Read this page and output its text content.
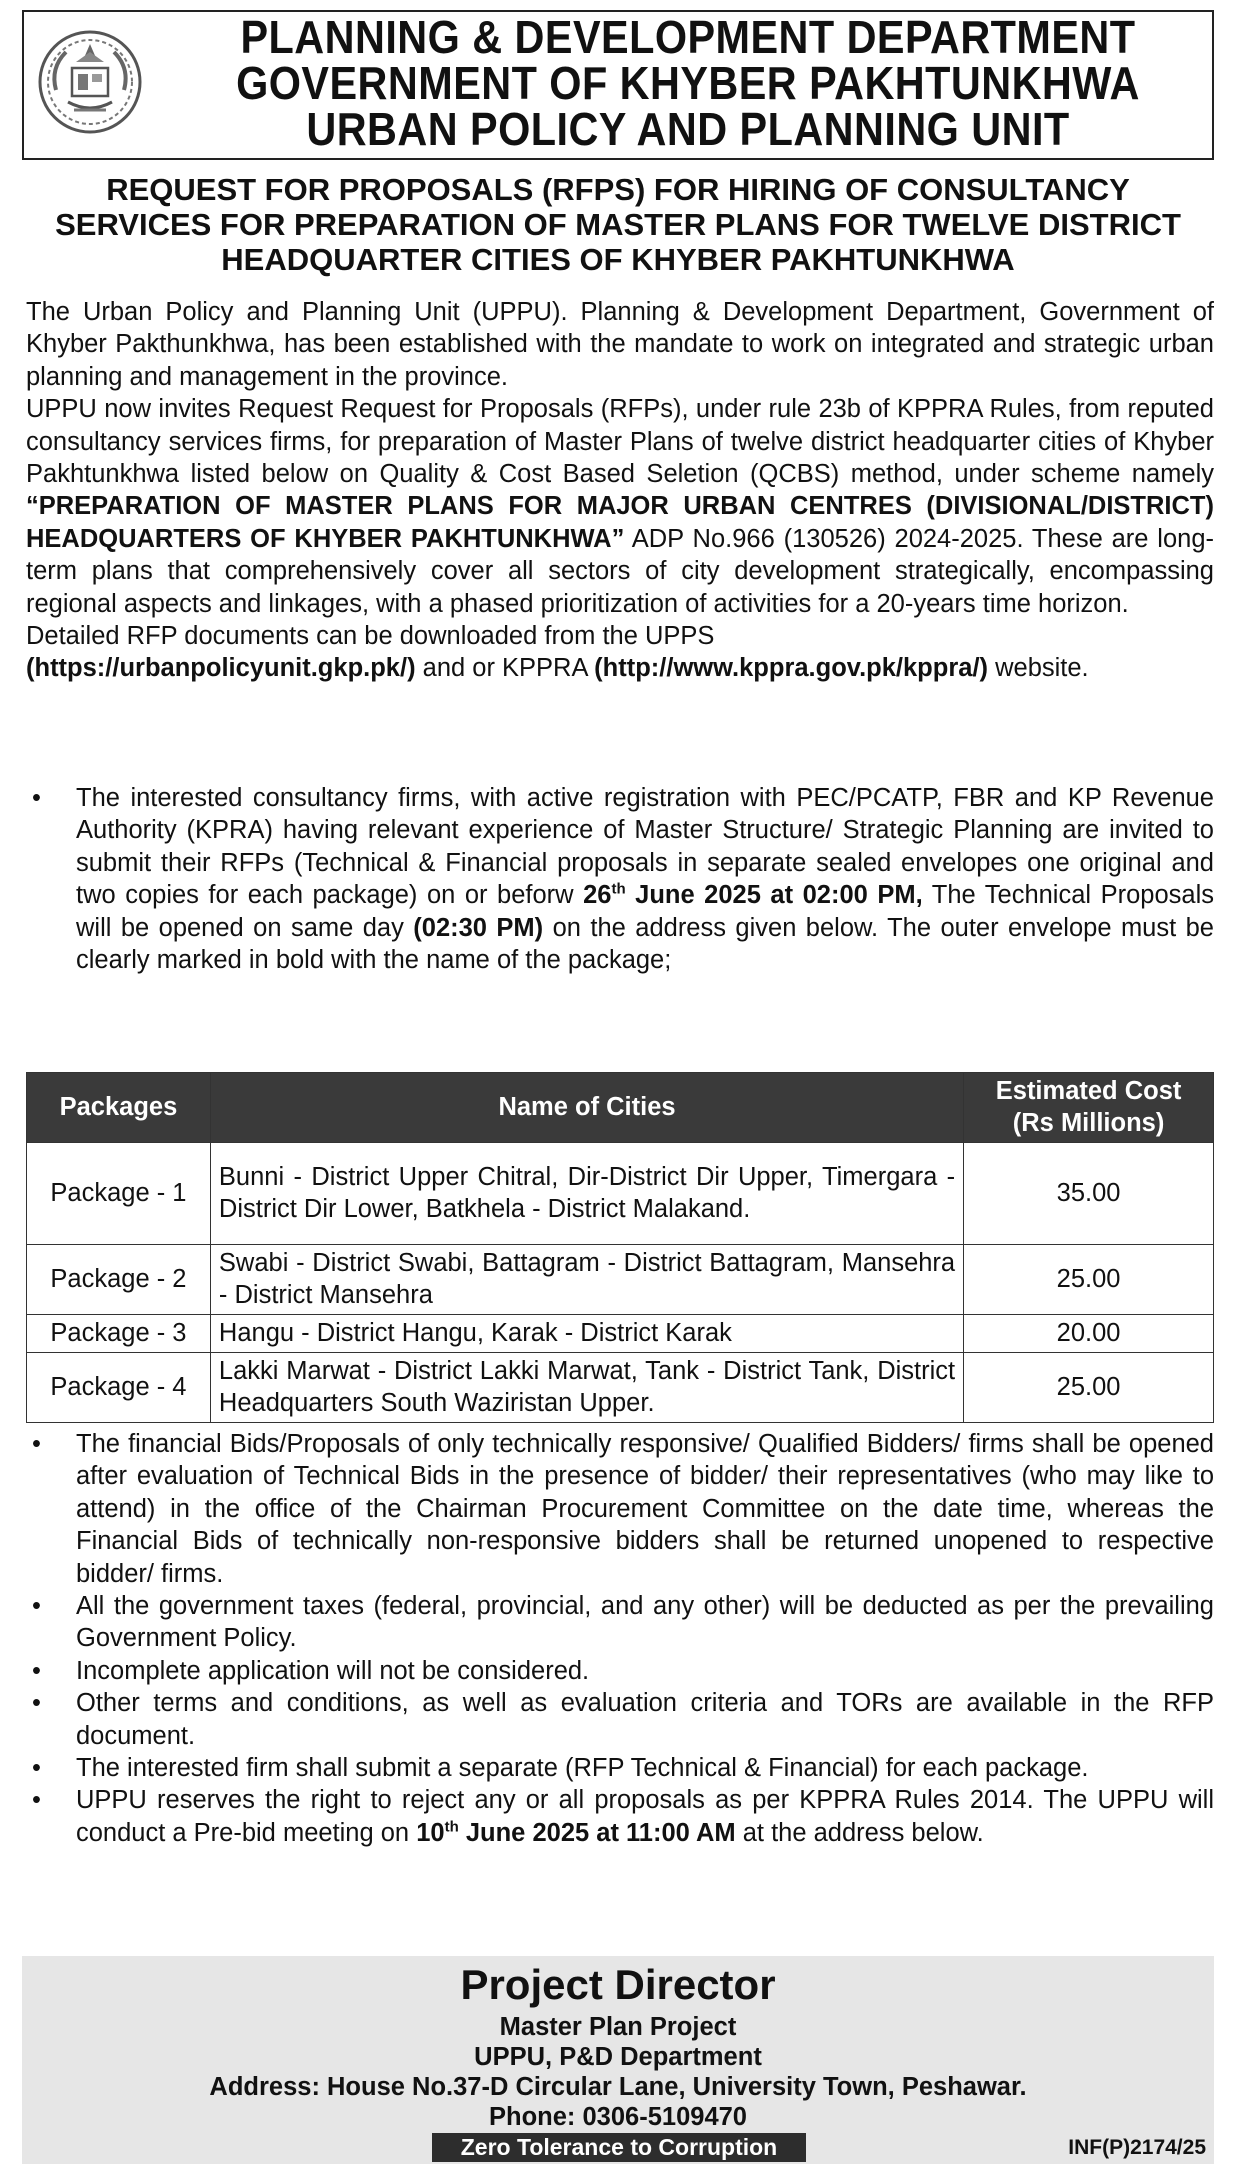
PLANNING & DEVELOPMENT DEPARTMENT
GOVERNMENT OF KHYBER PAKHTUNKHWA
URBAN POLICY AND PLANNING UNIT
REQUEST FOR PROPOSALS (RFPS) FOR HIRING OF CONSULTANCY
SERVICES FOR PREPARATION OF MASTER PLANS FOR TWELVE DISTRICT
HEADQUARTER CITIES OF KHYBER PAKHTUNKHWA

The Urban Policy and Planning Unit (UPPU). Planning & Development Department, Government of Khyber Pakthunkhwa, has been established with the mandate to work on integrated and strategic urban planning and management in the province.

UPPU now invites Request Request for Proposals (RFPs), under rule 23b of KPPRA Rules, from reputed consultancy services firms, for preparation of Master Plans of twelve district headquarter cities of Khyber Pakhtunkhwa listed below on Quality & Cost Based Seletion (QCBS) method, under scheme namely “PREPARATION OF MASTER PLANS FOR MAJOR URBAN CENTRES (DIVISIONAL/DISTRICT) HEADQUARTERS OF KHYBER PAKHTUNKHWA” ADP No.966 (130526) 2024-2025. These are long-term plans that comprehensively cover all sectors of city development strategically, encompassing regional aspects and linkages, with a phased prioritization of activities for a 20-years time horizon.

Detailed RFP documents can be downloaded from the UPPS
(https://urbanpolicyunit.gkp.pk/) and or KPPRA (http://www.kppra.gov.pk/kppra/) website.

• The interested consultancy firms, with active registration with PEC/PCATP, FBR and KP Revenue Authority (KPRA) having relevant experience of Master Structure/ Strategic Planning are invited to submit their RFPs (Technical & Financial proposals in separate sealed envelopes one original and two copies for each package) on or beforw 26th June 2025 at 02:00 PM, The Technical Proposals will be opened on same day (02:30 PM) on the address given below. The outer envelope must be clearly marked in bold with the name of the package;
Packages	Name of Cities	Estimated Cost
(Rs Millions)
Package - 1	Bunni - District Upper Chitral, Dir-District Dir Upper, Timergara - District Dir Lower, Batkhela - District Malakand.	35.00
Package - 2	Swabi - District Swabi, Battagram - District Battagram, Mansehra - District Mansehra	25.00
Package - 3	Hangu - District Hangu, Karak - District Karak	20.00
Package - 4	Lakki Marwat - District Lakki Marwat, Tank - District Tank, District Headquarters South Waziristan Upper.	25.00
• The financial Bids/Proposals of only technically responsive/ Qualified Bidders/ firms shall be opened after evaluation of Technical Bids in the presence of bidder/ their representatives (who may like to attend) in the office of the Chairman Procurement Committee on the date time, whereas the Financial Bids of technically non-responsive bidders shall be returned unopened to respective bidder/ firms.
• All the government taxes (federal, provincial, and any other) will be deducted as per the prevailing Government Policy.
• Incomplete application will not be considered.
• Other terms and conditions, as well as evaluation criteria and TORs are available in the RFP document.
• The interested firm shall submit a separate (RFP Technical & Financial) for each package.
• UPPU reserves the right to reject any or all proposals as per KPPRA Rules 2014. The UPPU will conduct a Pre-bid meeting on 10th June 2025 at 11:00 AM at the address below.
Project Director
Master Plan Project
UPPU, P&D Department
Address: House No.37-D Circular Lane, University Town, Peshawar.
Phone: 0306-5109470
Zero Tolerance to Corruption	INF(P)2174/25
